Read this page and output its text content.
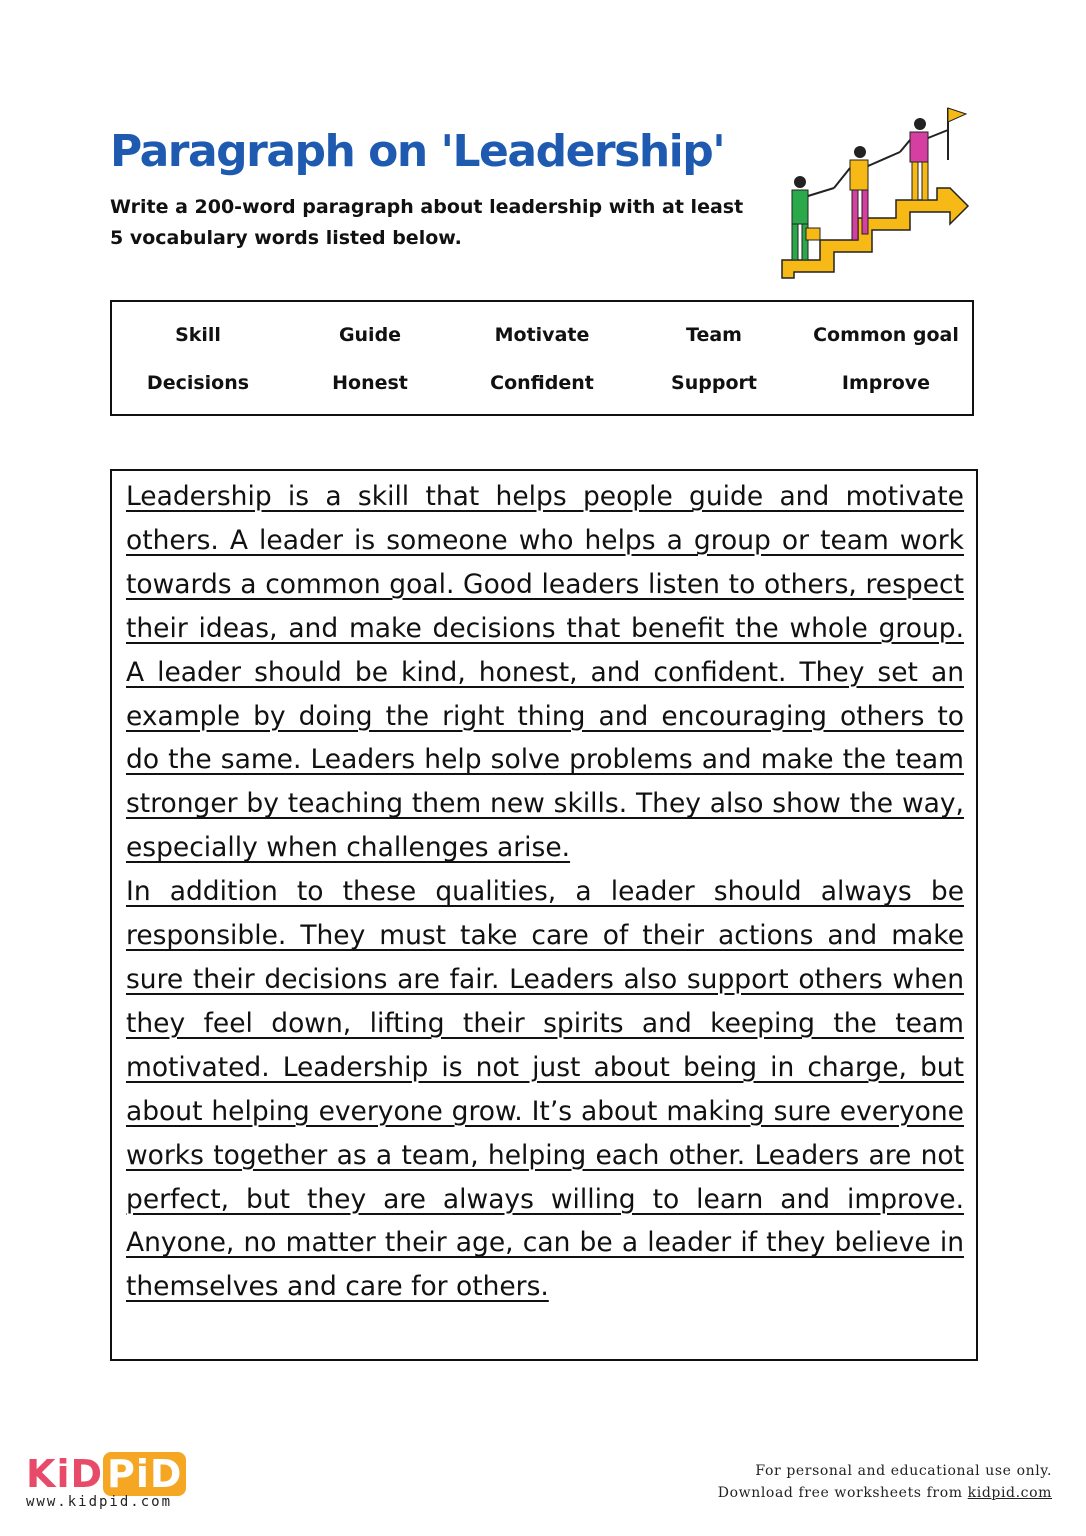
Paragraph on 'Leadership'
Write a 200-word paragraph about leadership with at least
5 vocabulary words listed below.
Skill	Guide	Motivate	Team	Common goal
Decisions	Honest	Confident	Support	Improve

Leadership is a skill that helps people guide and motivate others. A leader is someone who helps a group or team work towards a common goal. Good leaders listen to others, respect their ideas, and make decisions that benefit the whole group. A leader should be kind, honest, and confident. They set an example by doing the right thing and encouraging others to do the same. Leaders help solve problems and make the team stronger by teaching them new skills. They also show the way, especially when challenges arise.

In addition to these qualities, a leader should always be responsible. They must take care of their actions and make sure their decisions are fair. Leaders also support others when they feel down, lifting their spirits and keeping the team motivated. Leadership is not just about being in charge, but about helping everyone grow. It’s about making sure everyone works together as a team, helping each other. Leaders are not perfect, but they are always willing to learn and improve. Anyone, no matter their age, can be a leader if they believe in themselves and care for others.

KiD PiD
www.kidpid.com
For personal and educational use only.
Download free worksheets from kidpid.com
